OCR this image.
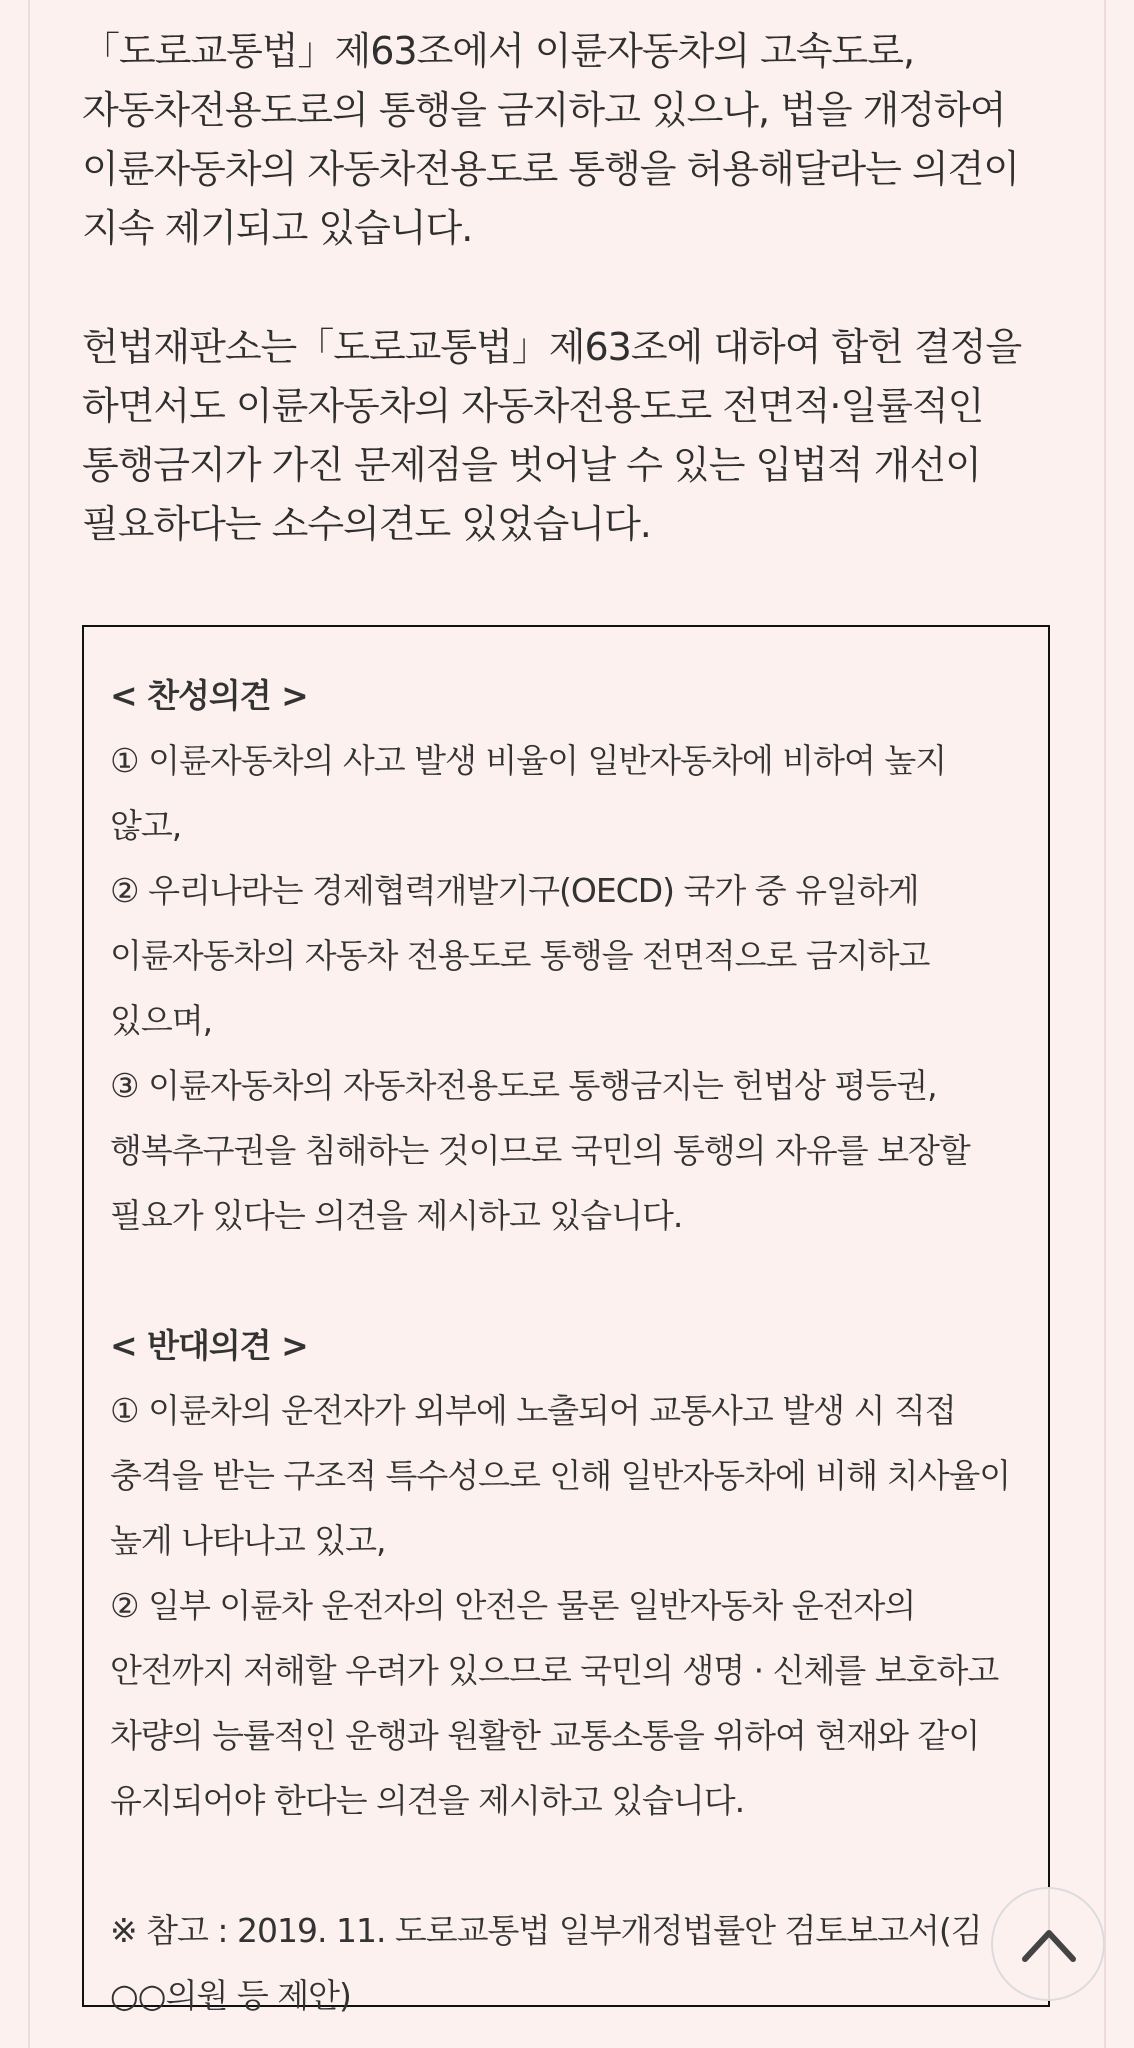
「도로교통법」제63조에서 이륜자동차의 고속도로, 자동차전용도로의 통행을 금지하고 있으나, 법을 개정하여 이륜자동차의 자동차전용도로 통행을 허용해달라는 의견이 지속 제기되고 있습니다.

헌법재판소는「도로교통법」제63조에 대하여 합헌 결정을 하면서도 이륜자동차의 자동차전용도로 전면적·일률적인 통행금지가 가진 문제점을 벗어날 수 있는 입법적 개선이 필요하다는 소수의견도 있었습니다.

< 찬성의견 >

① 이륜자동차의 사고 발생 비율이 일반자동차에 비하여 높지 않고,

② 우리나라는 경제협력개발기구(OECD) 국가 중 유일하게 이륜자동차의 자동차 전용도로 통행을 전면적으로 금지하고 있으며,

③ 이륜자동차의 자동차전용도로 통행금지는 헌법상 평등권, 행복추구권을 침해하는 것이므로 국민의 통행의 자유를 보장할 필요가 있다는 의견을 제시하고 있습니다.

< 반대의견 >

① 이륜차의 운전자가 외부에 노출되어 교통사고 발생 시 직접 충격을 받는 구조적 특수성으로 인해 일반자동차에 비해 치사율이 높게 나타나고 있고,

② 일부 이륜차 운전자의 안전은 물론 일반자동차 운전자의 안전까지 저해할 우려가 있으므로 국민의 생명 · 신체를 보호하고 차량의 능률적인 운행과 원활한 교통소통을 위하여 현재와 같이 유지되어야 한다는 의견을 제시하고 있습니다.

※ 참고 : 2019. 11. 도로교통법 일부개정법률안 검토보고서(김○○의원 등 제안)
